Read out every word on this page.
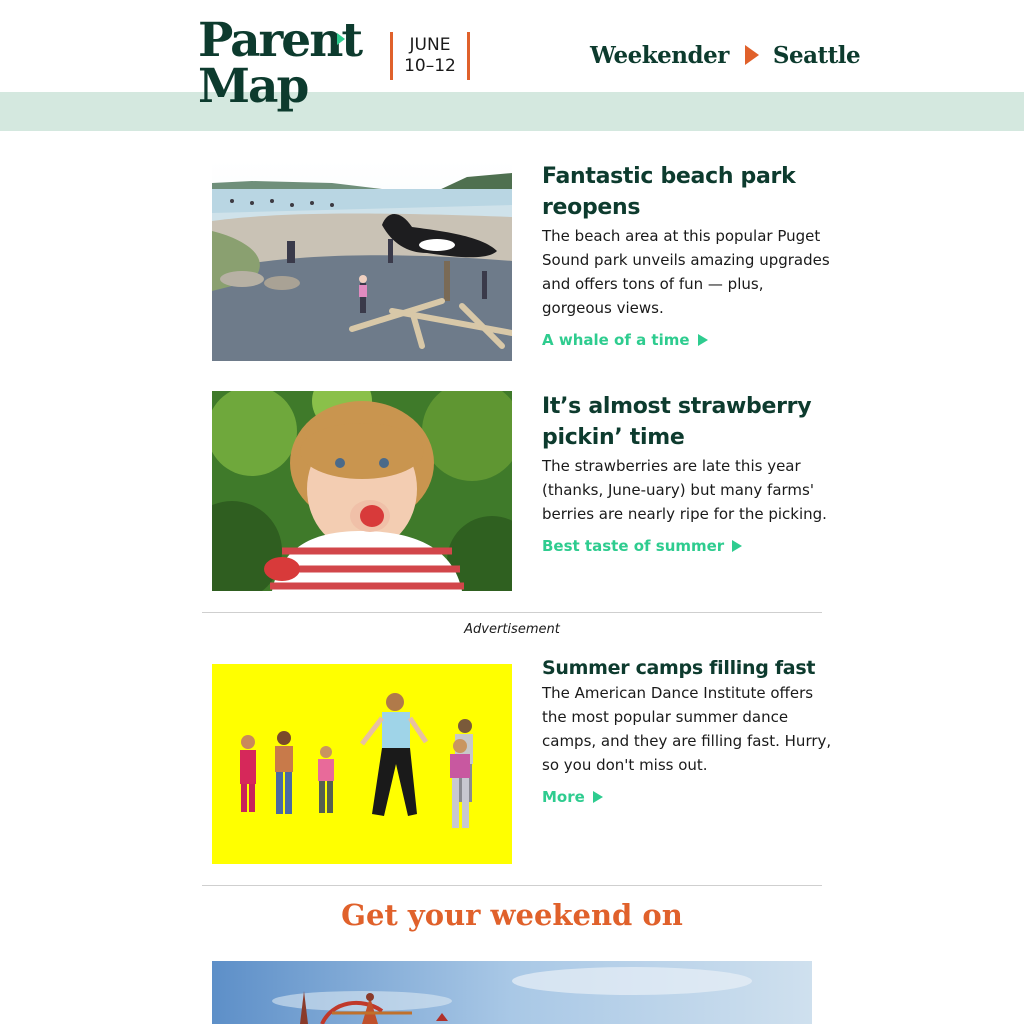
Parent
Map
JUNE
10–12	Weekender Seattle
Fantastic beach park reopens
The beach area at this popular Puget Sound park unveils amazing upgrades and offers tons of fun — plus, gorgeous views.
A whale of a time
It’s almost strawberry pickin’ time
The strawberries are late this year (thanks, June-uary) but many farms' berries are nearly ripe for the picking.
Best taste of summer
Advertisement
Summer camps filling fast
The American Dance Institute offers the most popular summer dance camps, and they are filling fast. Hurry, so you don't miss out.
More
Get your weekend on
